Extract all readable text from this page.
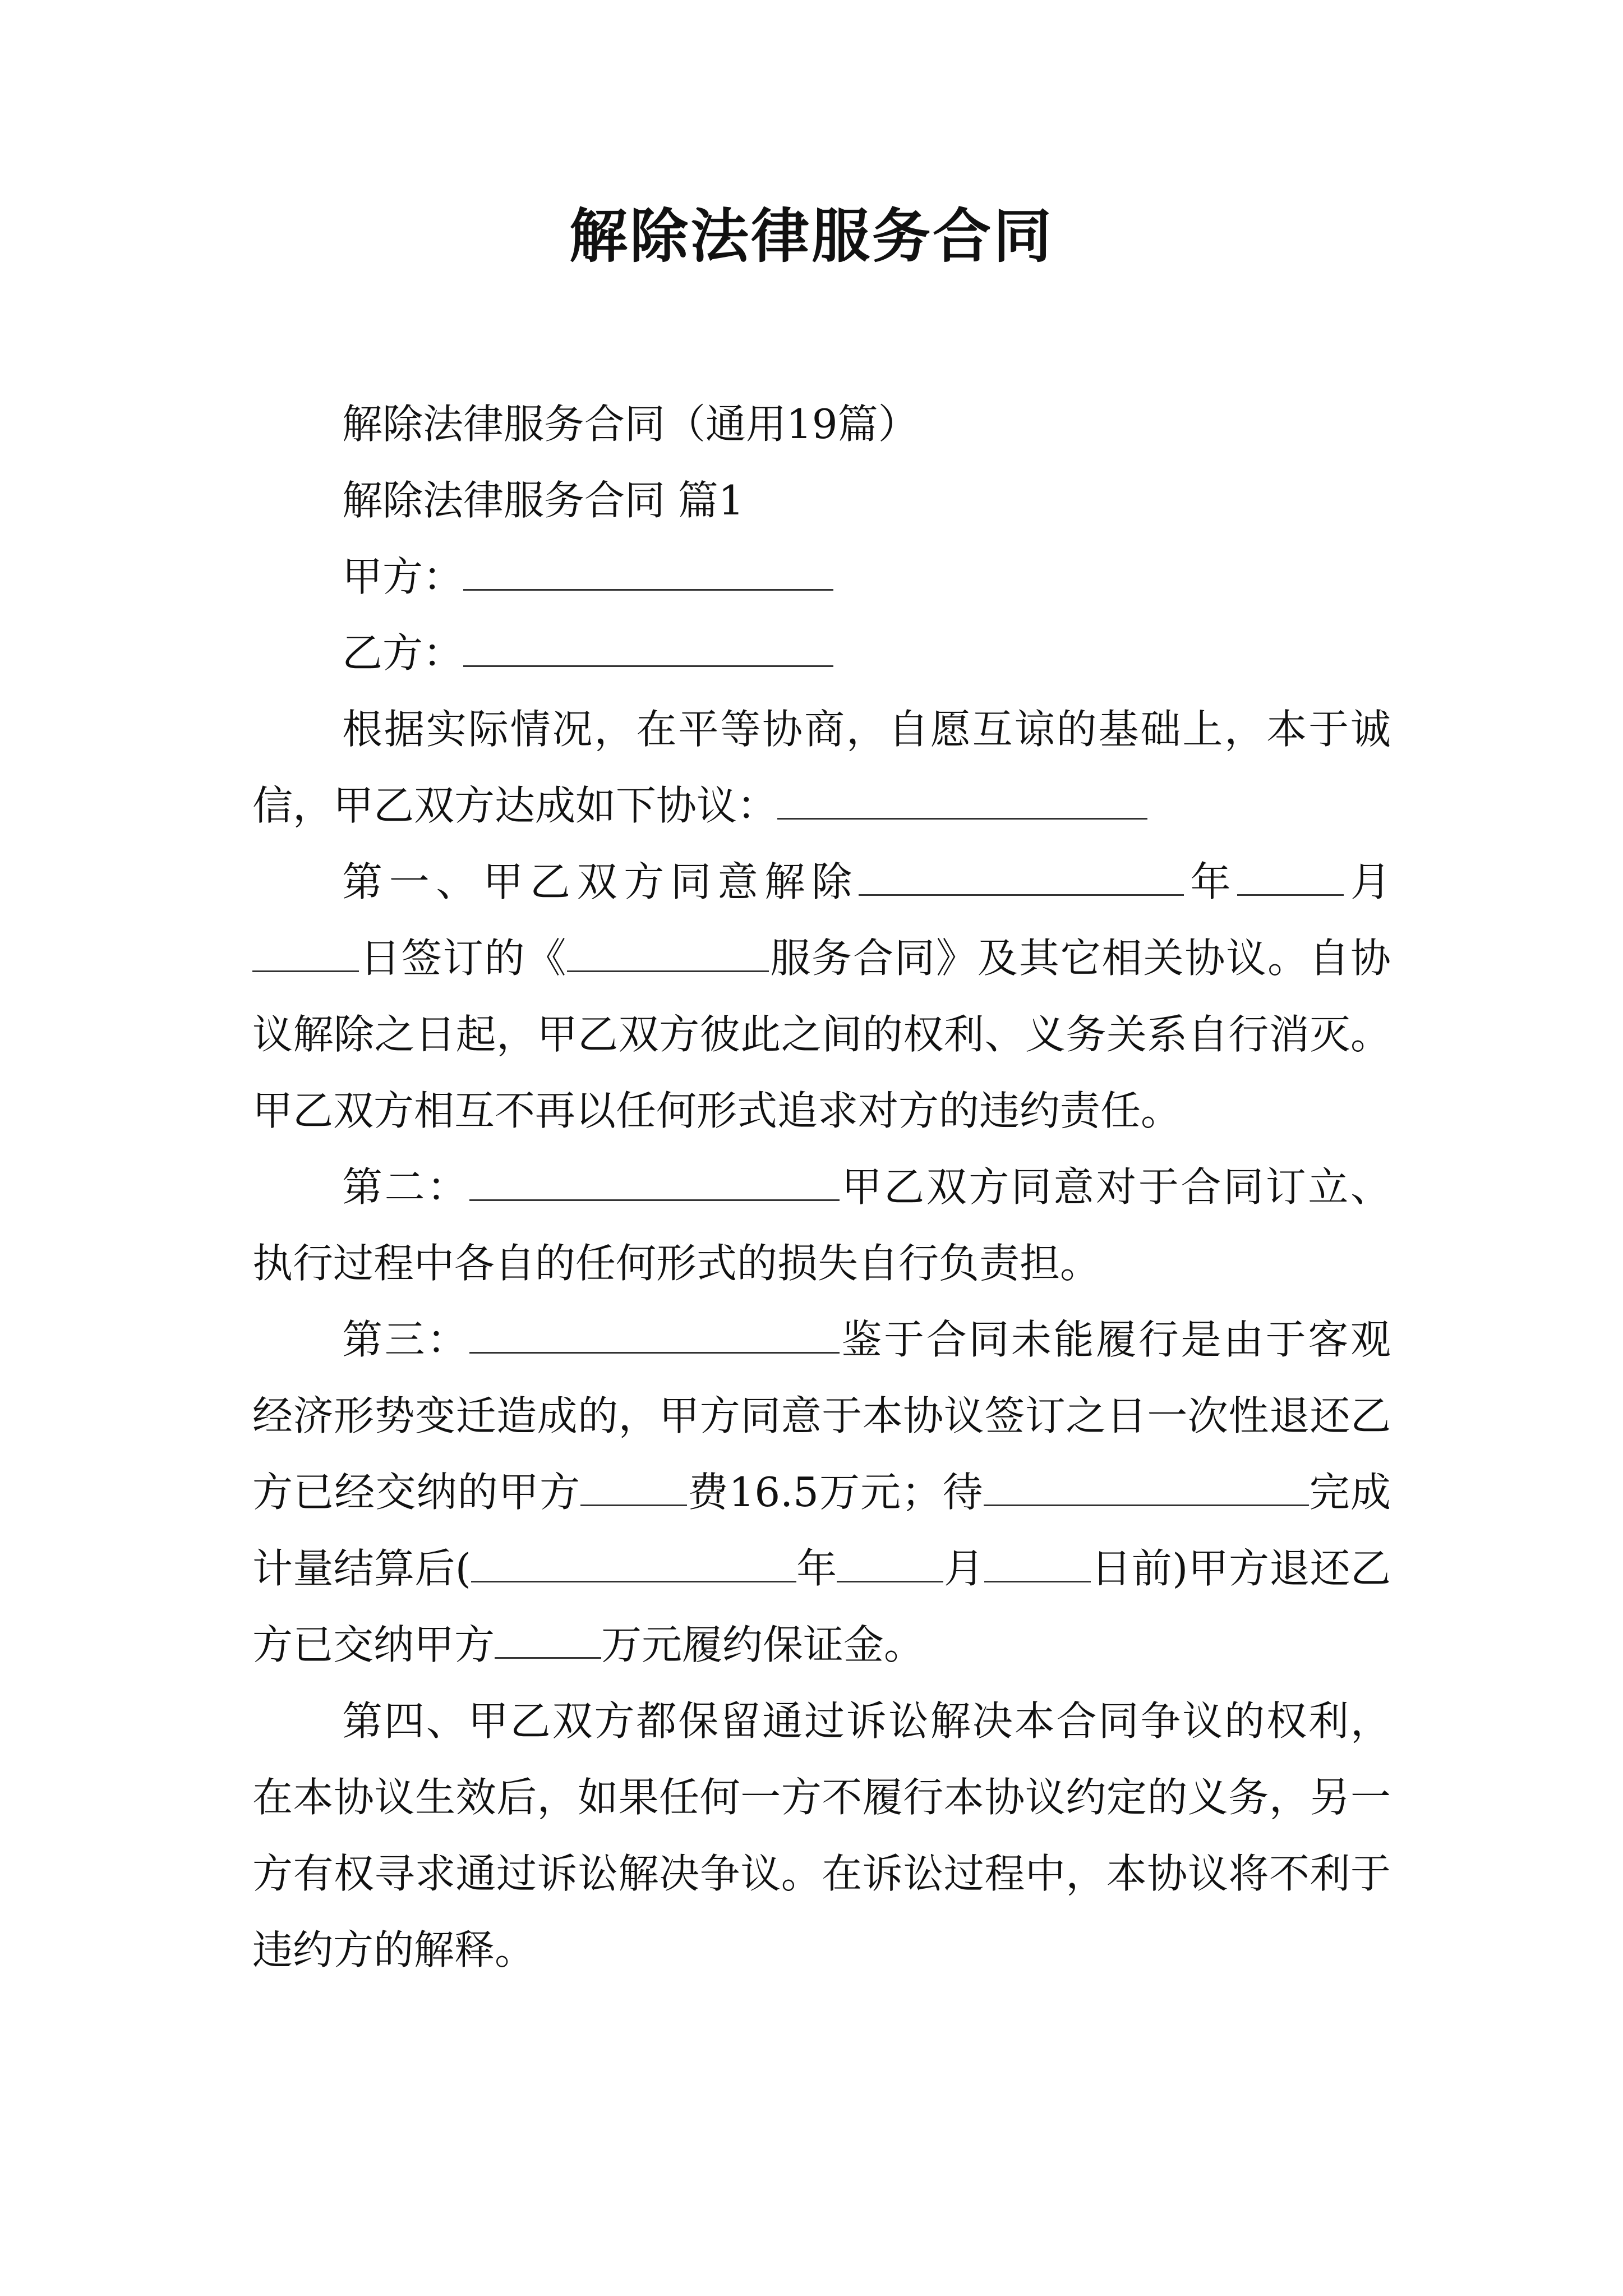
解除法律服务合同

解除法律服务合同（通用19篇）

解除法律服务合同 篇1

甲方：

乙方：

根据实际情况，在平等协商，自愿互谅的基础上，本于诚信，甲乙双方达成如下协议：

第一、甲乙双方同意解除	年	月日签订的《	服务合同》及其它相关协议。自协议解除之日起，甲乙双方彼此之间的权利、义务关系自行消灭。甲乙双方相互不再以任何形式追求对方的违约责任。

第二：	甲乙双方同意对于合同订立、执行过程中各自的任何形式的损失自行负责担。

第三：	鉴于合同未能履行是由于客观经济形势变迁造成的，甲方同意于本协议签订之日一次性退还乙方已经交纳的甲方	费16.5万元；待	完成计量结算后(	年	月	日前)甲方退还乙方已交纳甲方	万元履约保证金。

第四、甲乙双方都保留通过诉讼解决本合同争议的权利，在本协议生效后，如果任何一方不履行本协议约定的义务，另一方有权寻求通过诉讼解决争议。在诉讼过程中，本协议将不利于违约方的解释。
